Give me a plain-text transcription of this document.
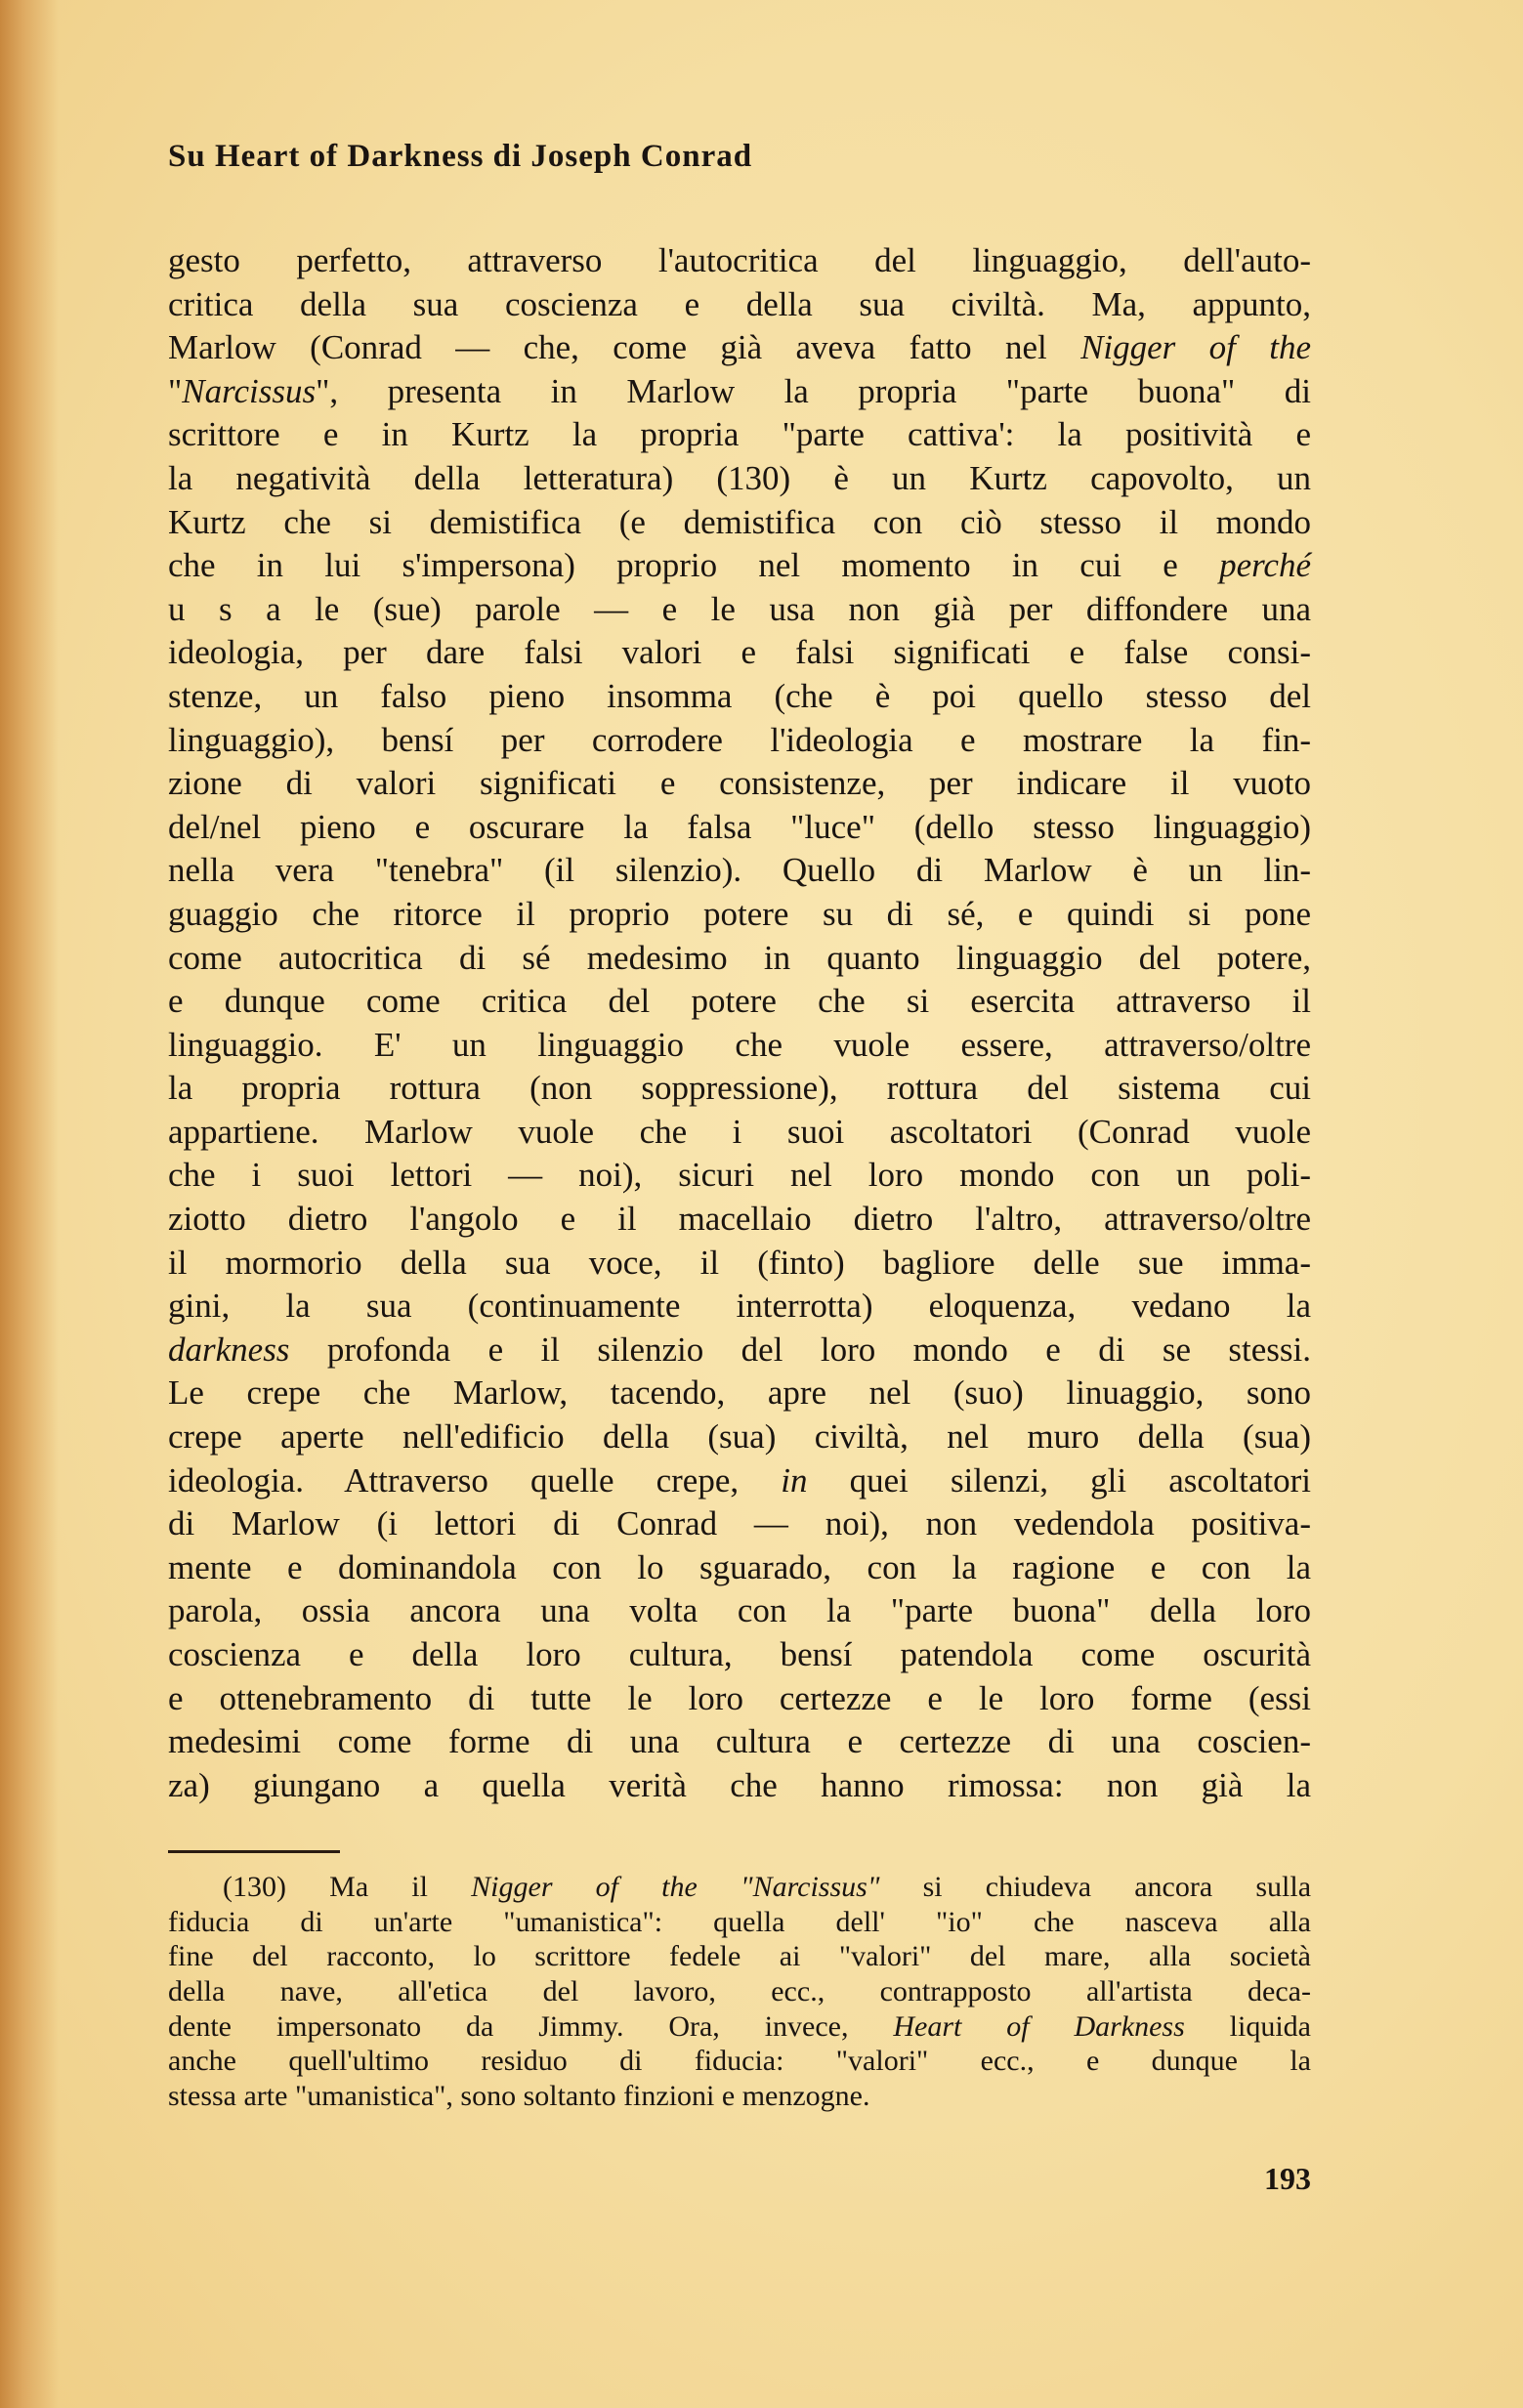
Su Heart of Darkness di Joseph Conrad
gesto perfetto, attraverso l'autocritica del linguaggio, dell'auto-
critica della sua coscienza e della sua civiltà. Ma, appunto,
Marlow (Conrad — che, come già aveva fatto nel Nigger of the
"Narcissus", presenta in Marlow la propria "parte buona" di
scrittore e in Kurtz la propria "parte cattiva': la positività e
la negatività della letteratura) (130) è un Kurtz capovolto, un
Kurtz che si demistifica (e demistifica con ciò stesso il mondo
che in lui s'impersona) proprio nel momento in cui e perché
u s a le (sue) parole — e le usa non già per diffondere una
ideologia, per dare falsi valori e falsi significati e false consi-
stenze, un falso pieno insomma (che è poi quello stesso del
linguaggio), bensí per corrodere l'ideologia e mostrare la fin-
zione di valori significati e consistenze, per indicare il vuoto
del/nel pieno e oscurare la falsa "luce" (dello stesso linguaggio)
nella vera "tenebra" (il silenzio). Quello di Marlow è un lin-
guaggio che ritorce il proprio potere su di sé, e quindi si pone
come autocritica di sé medesimo in quanto linguaggio del potere,
e dunque come critica del potere che si esercita attraverso il
linguaggio. E' un linguaggio che vuole essere, attraverso/oltre
la propria rottura (non soppressione), rottura del sistema cui
appartiene. Marlow vuole che i suoi ascoltatori (Conrad vuole
che i suoi lettori — noi), sicuri nel loro mondo con un poli-
ziotto dietro l'angolo e il macellaio dietro l'altro, attraverso/oltre
il mormorio della sua voce, il (finto) bagliore delle sue imma-
gini, la sua (continuamente interrotta) eloquenza, vedano la
darkness profonda e il silenzio del loro mondo e di se stessi.
Le crepe che Marlow, tacendo, apre nel (suo) linuaggio, sono
crepe aperte nell'edificio della (sua) civiltà, nel muro della (sua)
ideologia. Attraverso quelle crepe, in quei silenzi, gli ascoltatori
di Marlow (i lettori di Conrad — noi), non vedendola positiva-
mente e dominandola con lo sguarado, con la ragione e con la
parola, ossia ancora una volta con la "parte buona" della loro
coscienza e della loro cultura, bensí patendola come oscurità
e ottenebramento di tutte le loro certezze e le loro forme (essi
medesimi come forme di una cultura e certezze di una coscien-
za) giungano a quella verità che hanno rimossa: non già la
(130) Ma il Nigger of the "Narcissus" si chiudeva ancora sulla
fiducia di un'arte "umanistica": quella dell' "io" che nasceva alla
fine del racconto, lo scrittore fedele ai "valori" del mare, alla società
della nave, all'etica del lavoro, ecc., contrapposto all'artista deca-
dente impersonato da Jimmy. Ora, invece, Heart of Darkness liquida
anche quell'ultimo residuo di fiducia: "valori" ecc., e dunque la
stessa arte "umanistica", sono soltanto finzioni e menzogne.
193
